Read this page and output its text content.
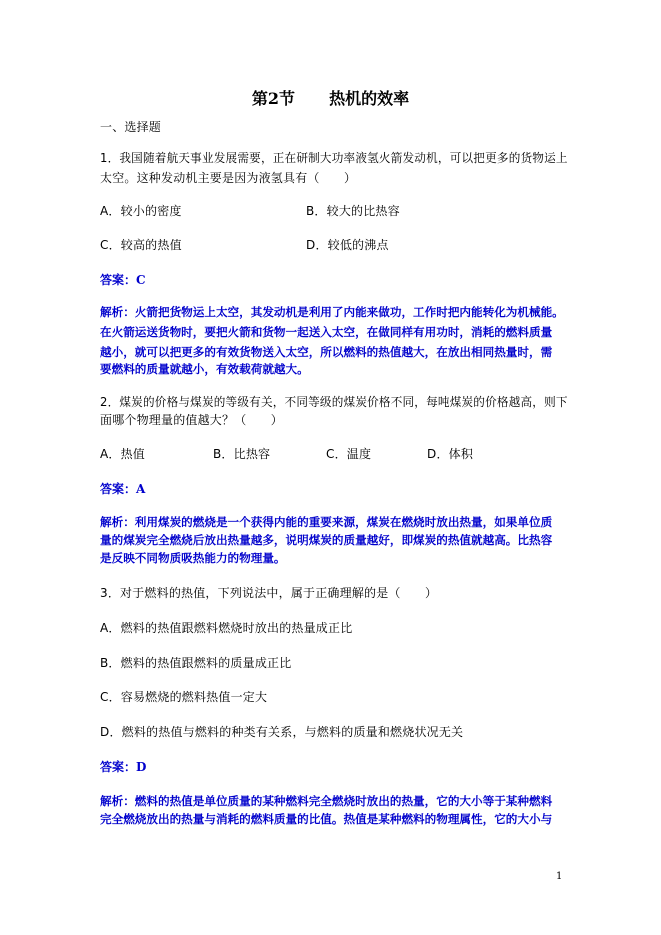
第2节 热机的效率
一、选择题
1．我国随着航天事业发展需要，正在研制大功率液氢火箭发动机，可以把更多的货物运上
太空。这种发动机主要是因为液氢具有（　　）
A．较小的密度	B．较大的比热容
C．较高的热值	D．较低的沸点
答案：C
解析：火箭把货物运上太空，其发动机是利用了内能来做功，工作时把内能转化为机械能。
在火箭运送货物时，要把火箭和货物一起送入太空，在做同样有用功时，消耗的燃料质量
越小，就可以把更多的有效货物送入太空，所以燃料的热值越大，在放出相同热量时，需
要燃料的质量就越小，有效载荷就越大。
2．煤炭的价格与煤炭的等级有关，不同等级的煤炭价格不同，每吨煤炭的价格越高，则下
面哪个物理量的值越大？（　　）
A．热值	B．比热容	C．温度	D．体积
答案：A
解析：利用煤炭的燃烧是一个获得内能的重要来源，煤炭在燃烧时放出热量，如果单位质
量的煤炭完全燃烧后放出热量越多，说明煤炭的质量越好，即煤炭的热值就越高。比热容
是反映不同物质吸热能力的物理量。
3．对于燃料的热值，下列说法中，属于正确理解的是（　　）
A．燃料的热值跟燃料燃烧时放出的热量成正比
B．燃料的热值跟燃料的质量成正比
C．容易燃烧的燃料热值一定大
D．燃料的热值与燃料的种类有关系，与燃料的质量和燃烧状况无关
答案：D
解析：燃料的热值是单位质量的某种燃料完全燃烧时放出的热量，它的大小等于某种燃料
完全燃烧放出的热量与消耗的燃料质量的比值。热值是某种燃料的物理属性，它的大小与
1
